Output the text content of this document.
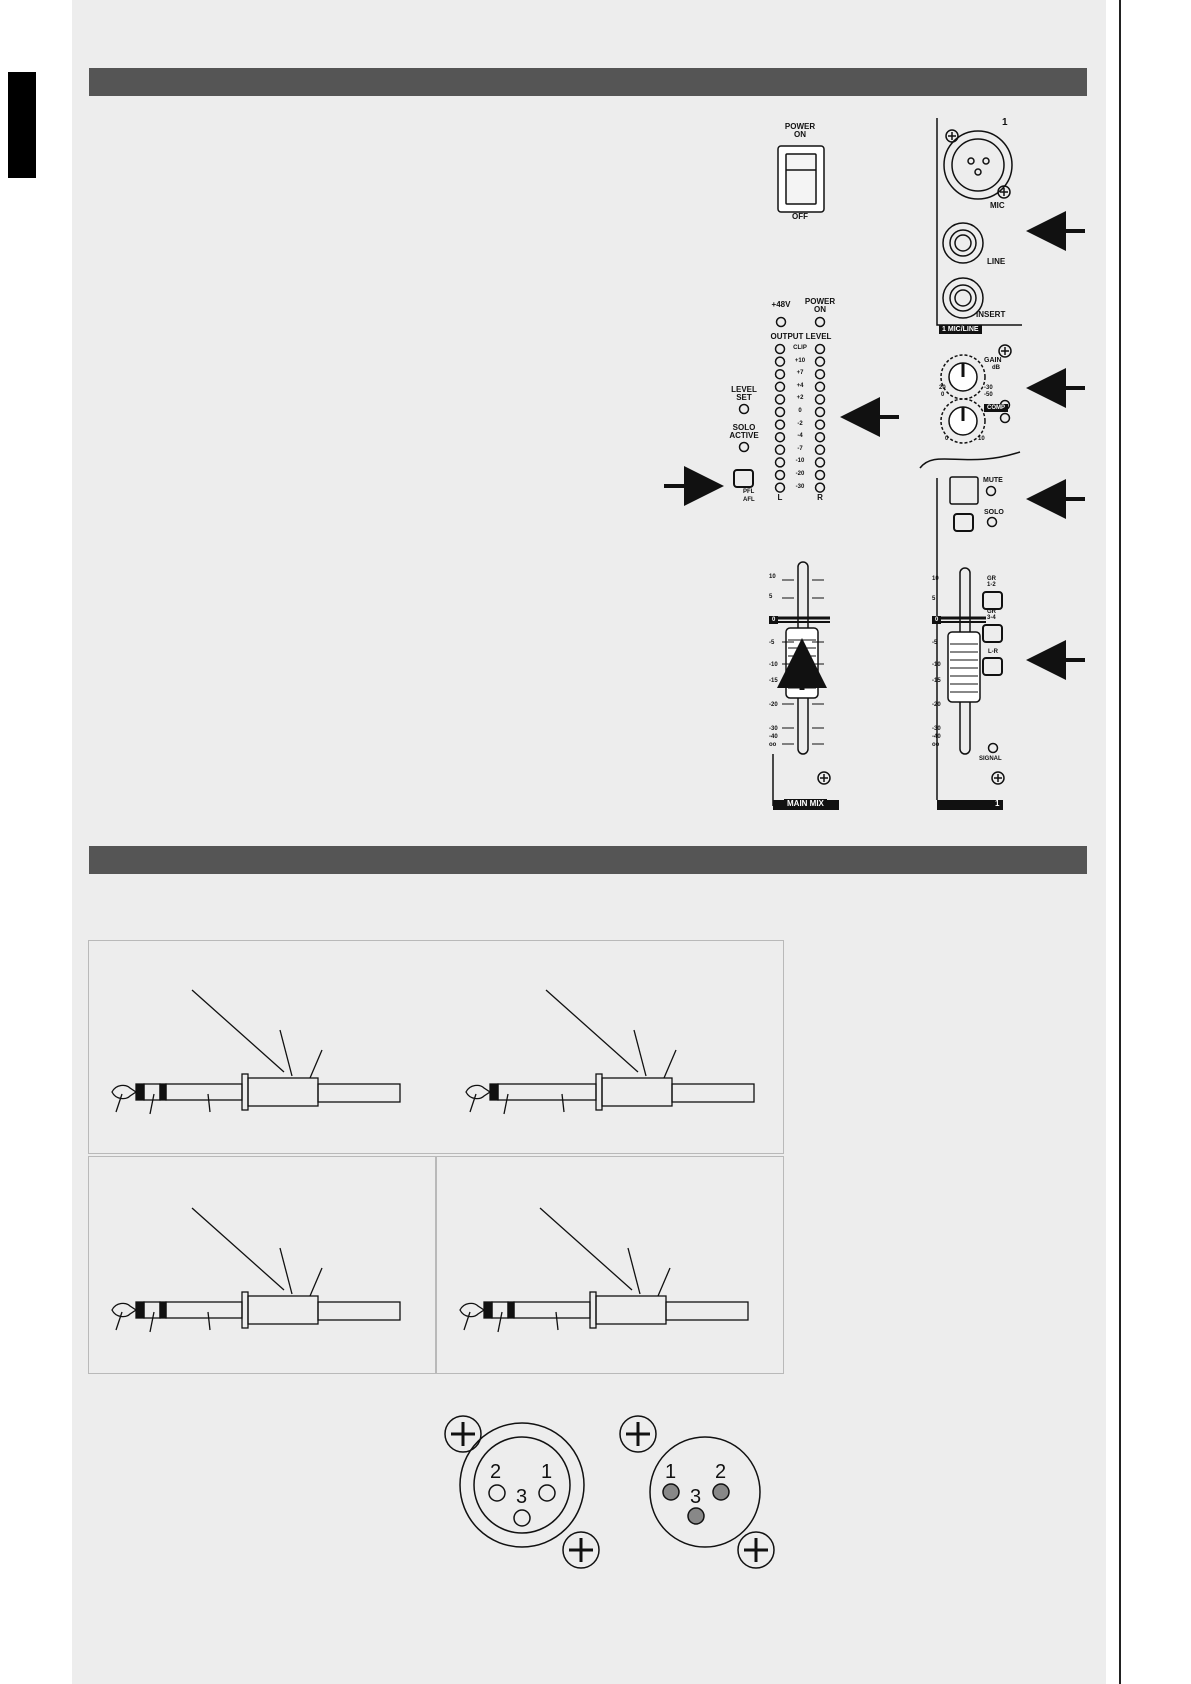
POWER
ON
OFF
+48V POWER
ON
OUTPUT LEVEL
CLIP
+10
+7
+4
+2
0
-2
-4
-7
-10
-20
-30
L	R
LEVEL
SET
SOLO
ACTIVE
PFL
AFL
10
5
0
-5
-10
-15
-20
-30
-40
oo
MAIN MIX
1
MIC
LINE
INSERT
1 MIC/LINE
GAIN
dB
20
0
-30
-50
COMP
0	10
MUTE
SOLO
GR
1-2
GR
3-4
L-R
SIGNAL
10
5
0
-5
-10
-15
-20
-30
-40
oo
1
2 1
3
1 2
3
